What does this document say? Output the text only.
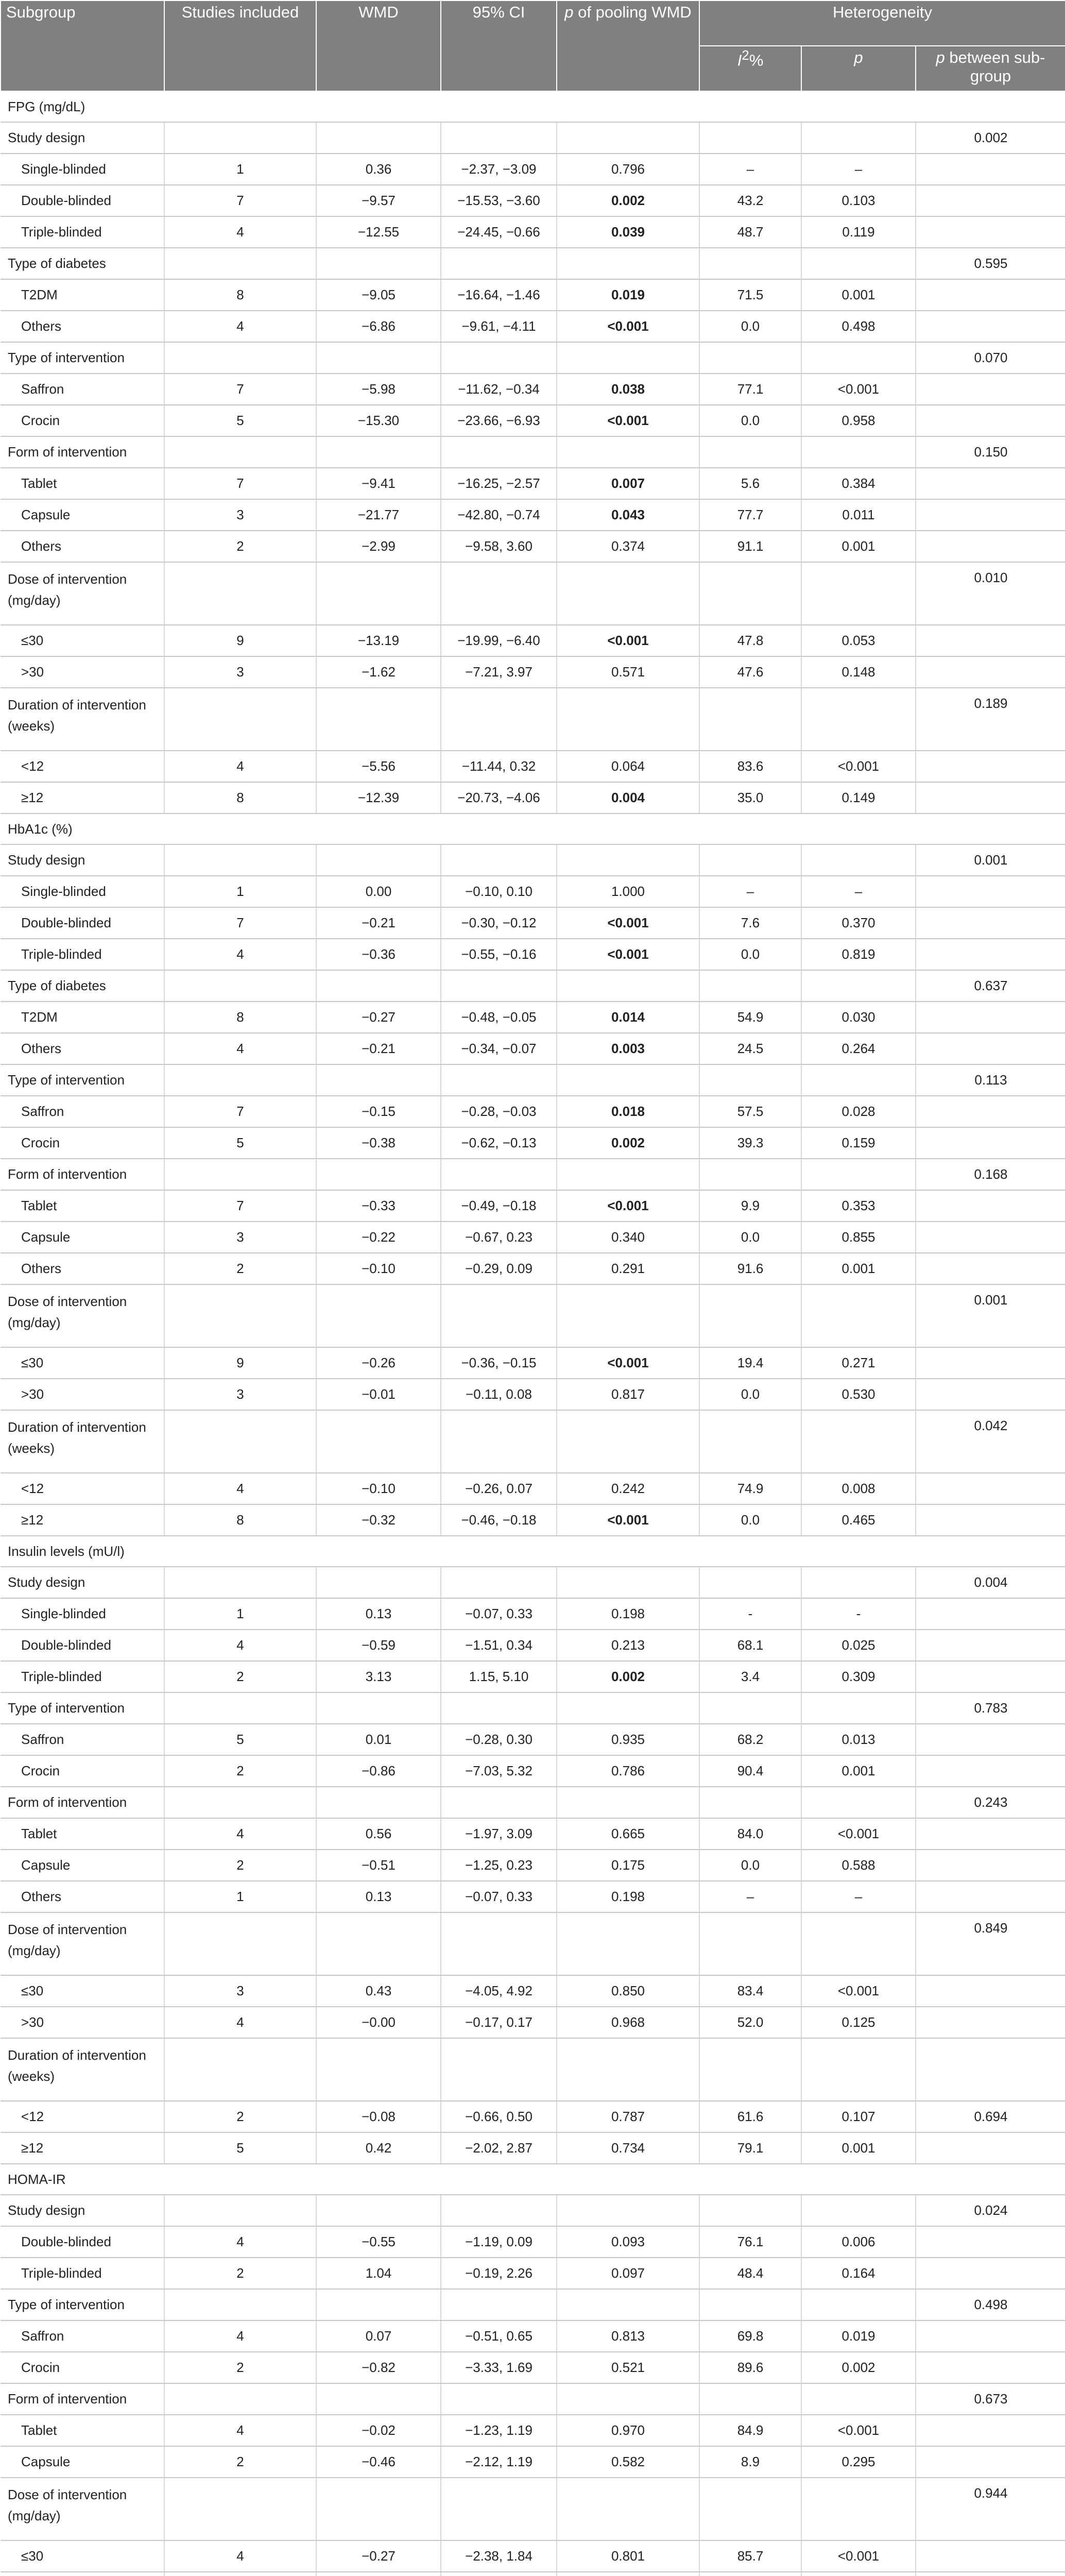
Subgroup	Studies included	WMD	95% CI	p of pooling WMD	Heterogeneity		
					$I^2\%$	p	p between sub-group
FPG (mg/dL)							
Study design							0.002
Single-blinded	1	0.36	−2.37, −3.09	0.796	–	–	
Double-blinded	7	−9.57	−15.53, −3.60	0.002	43.2	0.103	
Triple-blinded	4	−12.55	−24.45, −0.66	0.039	48.7	0.119	
Type of diabetes							0.595
T2DM	8	−9.05	−16.64, −1.46	0.019	71.5	0.001	
Others	4	−6.86	−9.61, −4.11	<0.001	0.0	0.498	
Type of intervention							0.070
Saffron	7	−5.98	−11.62, −0.34	0.038	77.1	<0.001	
Crocin	5	−15.30	−23.66, −6.93	<0.001	0.0	0.958	
Form of intervention							0.150
Tablet	7	−9.41	−16.25, −2.57	0.007	5.6	0.384	
Capsule	3	−21.77	−42.80, −0.74	0.043	77.7	0.011	
Others	2	−2.99	−9.58, 3.60	0.374	91.1	0.001	
Dose of intervention (mg/day)							0.010
≤30	9	−13.19	−19.99, −6.40	<0.001	47.8	0.053	
>30	3	−1.62	−7.21, 3.97	0.571	47.6	0.148	
Duration of intervention (weeks)							0.189
<12	4	−5.56	−11.44, 0.32	0.064	83.6	<0.001	
≥12	8	−12.39	−20.73, −4.06	0.004	35.0	0.149	
HbA1c (%)							
Study design							0.001
Single-blinded	1	0.00	−0.10, 0.10	1.000	–	–	
Double-blinded	7	−0.21	−0.30, −0.12	<0.001	7.6	0.370	
Triple-blinded	4	−0.36	−0.55, −0.16	<0.001	0.0	0.819	
Type of diabetes							0.637
T2DM	8	−0.27	−0.48, −0.05	0.014	54.9	0.030	
Others	4	−0.21	−0.34, −0.07	0.003	24.5	0.264	
Type of intervention							0.113
Saffron	7	−0.15	−0.28, −0.03	0.018	57.5	0.028	
Crocin	5	−0.38	−0.62, −0.13	0.002	39.3	0.159	
Form of intervention							0.168
Tablet	7	−0.33	−0.49, −0.18	<0.001	9.9	0.353	
Capsule	3	−0.22	−0.67, 0.23	0.340	0.0	0.855	
Others	2	−0.10	−0.29, 0.09	0.291	91.6	0.001	
Dose of intervention (mg/day)							0.001
≤30	9	−0.26	−0.36, −0.15	<0.001	19.4	0.271	
>30	3	−0.01	−0.11, 0.08	0.817	0.0	0.530	
Duration of intervention (weeks)							0.042
<12	4	−0.10	−0.26, 0.07	0.242	74.9	0.008	
≥12	8	−0.32	−0.46, −0.18	<0.001	0.0	0.465	
Insulin levels (mU/l)							
Study design							0.004
Single-blinded	1	0.13	−0.07, 0.33	0.198	-	-	
Double-blinded	4	−0.59	−1.51, 0.34	0.213	68.1	0.025	
Triple-blinded	2	3.13	1.15, 5.10	0.002	3.4	0.309	
Type of intervention							0.783
Saffron	5	0.01	−0.28, 0.30	0.935	68.2	0.013	
Crocin	2	−0.86	−7.03, 5.32	0.786	90.4	0.001	
Form of intervention							0.243
Tablet	4	0.56	−1.97, 3.09	0.665	84.0	<0.001	
Capsule	2	−0.51	−1.25, 0.23	0.175	0.0	0.588	
Others	1	0.13	−0.07, 0.33	0.198	–	–	
Dose of intervention (mg/day)							0.849
≤30	3	0.43	−4.05, 4.92	0.850	83.4	<0.001	
>30	4	−0.00	−0.17, 0.17	0.968	52.0	0.125	
Duration of intervention (weeks)							
<12	2	−0.08	−0.66, 0.50	0.787	61.6	0.107	0.694
≥12	5	0.42	−2.02, 2.87	0.734	79.1	0.001	
HOMA-IR							
Study design							0.024
Double-blinded	4	−0.55	−1.19, 0.09	0.093	76.1	0.006	
Triple-blinded	2	1.04	−0.19, 2.26	0.097	48.4	0.164	
Type of intervention							0.498
Saffron	4	0.07	−0.51, 0.65	0.813	69.8	0.019	
Crocin	2	−0.82	−3.33, 1.69	0.521	89.6	0.002	
Form of intervention							0.673
Tablet	4	−0.02	−1.23, 1.19	0.970	84.9	<0.001	
Capsule	2	−0.46	−2.12, 1.19	0.582	8.9	0.295	
Dose of intervention (mg/day)							0.944
≤30	4	−0.27	−2.38, 1.84	0.801	85.7	<0.001	
